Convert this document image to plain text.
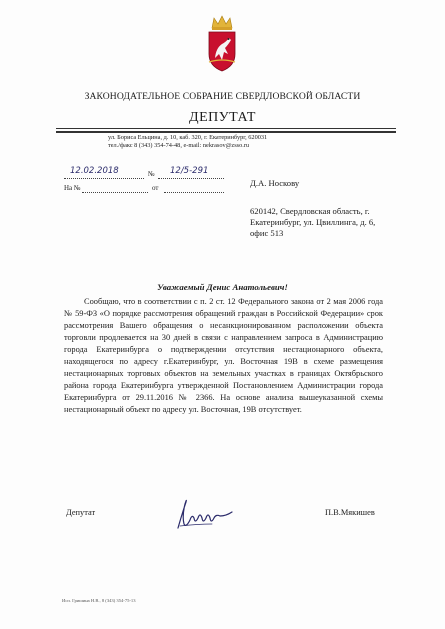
ЗАКОНОДАТЕЛЬНОЕ СОБРАНИЕ СВЕРДЛОВСКОЙ ОБЛАСТИ
ДЕПУТАТ
ул. Бориса Ельцина, д. 10, каб. 320, г. Екатеринбург, 620031
тел./факс 8 (343) 354-74-48, e-mail: nekrasov@zsso.ru
12.02.2018	№ 12/5-291
На №	от	Д.А. Носкову
620142, Свердловская область, г.
Екатеринбург, ул. Цвиллинга, д. 6,
офис 513
Уважаемый Денис Анатольевич!
Сообщаю, что в соответствии с п. 2 ст. 12 Федерального закона от 2 мая 2006 года № 59-ФЗ «О порядке рассмотрения обращений граждан в Российской Федерации» срок рассмотрения Вашего обращения о несанкционированном расположении объекта торговли продлевается на 30 дней в связи с направлением запроса в Администрацию города Екатеринбурга о подтверждении отсутствия нестационарного объекта, находящегося по адресу г.Екатеринбург, ул. Восточная 19В в схеме размещения нестационарных торговых объектов на земельных участках в границах Октябрьского района города Екатеринбурга утвержденной Постановлением Администрации города Екатеринбурга от 29.11.2016 № 2366. На основе анализа вышеуказанной схемы нестационарный объект по адресу ул. Восточная, 19В отсутствует.
Депутат	П.В.Мякишев
Исп. Гришина Н.В., 8 (343) 354-75-13
